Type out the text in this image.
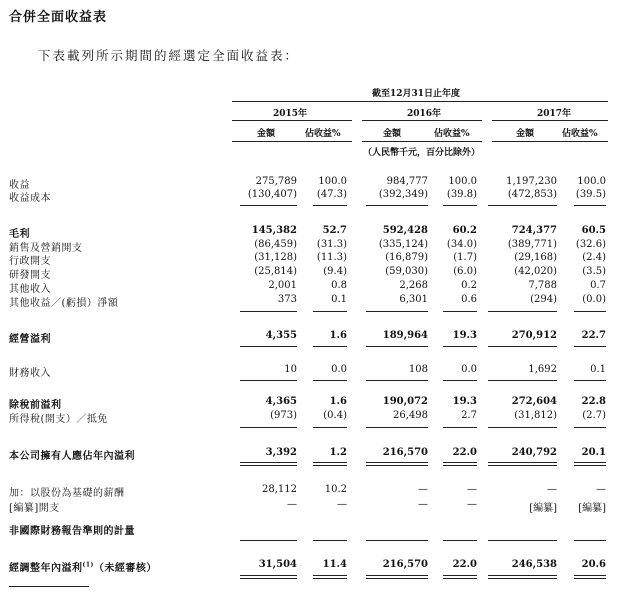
合併全面收益表
下表載列所示期間的經選定全面收益表：
截至12月31日止年度
2015年	2016年	2017年
金額	佔收益%	金額	佔收益%	金額	佔收益%
（人民幣千元，百分比除外）
收益	275,789 100.0	984,777 100.0	1,197,230 100.0
收益成本	(130,407) (47.3)	(392,349) (39.8)	(472,853) (39.5)
毛利	145,382	52.7	592,428 60.2	724,377 60.5
銷售及營銷開支	(86,459) (31.3)	(335,124) (34.0)	(389,771) (32.6)
行政開支	(31,128) (11.3)	(16,879)	(1.7)	(29,168)	(2.4)
研發開支	(25,814)	(9.4)	(59,030)	(6.0)	(42,020)	(3.5)
其他收入	2,001	0.8	2,268	0.2	7,788	0.7
其他收益／(虧損）淨額	373	0.1	6,301	0.6	(294)	(0.0)
經營溢利	4,355	1.6	189,964 19.3	270,912 22.7
財務收入	10	0.0	108	0.0	1,692	0.1
除稅前溢利	4,365	1.6	190,072 19.3	272,604 22.8
所得稅(開支）／抵免	(973)	(0.4)	26,498	2.7	(31,812)	(2.7)
本公司擁有人應佔年內溢利	3,392	1.2	216,570 22.0	240,792 20.1
加：以股份為基礎的薪酬	28,112	10.2	—	—	—	—
[編纂]開支	—	—	—	—	[編纂] [編纂]
非國際財務報告準則的計量
經調整年內溢利$^{(1)}$（未經審核）	31,504	11.4	216,570 22.0	246,538 20.6
